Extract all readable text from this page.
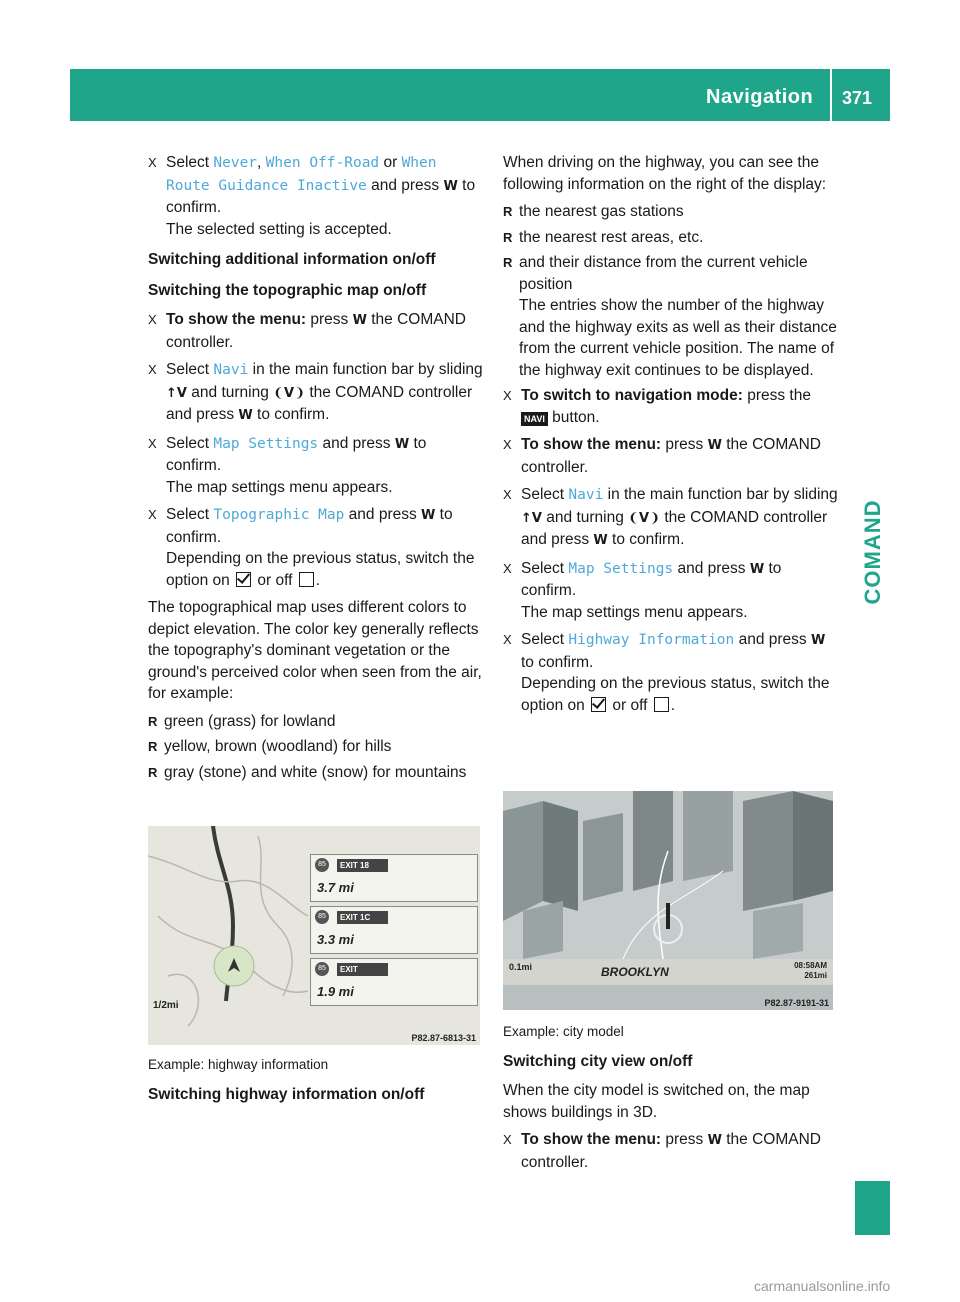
Navigation 371
COMAND
X Select Never, When Off-Road or When Route Guidance Inactive and press W to confirm.
The selected setting is accepted.

Switching additional information on/off

Switching the topographic map on/off

X To show the menu: press W the COMAND controller.
X Select Navi in the main function bar by sliding ↑V and turning ❨V❩ the COMAND controller and press W to confirm.
X Select Map Settings and press W to confirm.
The map settings menu appears.
X Select Topographic Map and press W to confirm.
Depending on the previous status, switch the option on  or off .

The topographical map uses different colors to depict elevation. The color key generally reflects the topography's dominant vegetation or the ground's perceived color when seen from the air, for example:

R green (grass) for lowland
R yellow, brown (woodland) for hills
R gray (stone) and white (snow) for mountains
85	EXIT 18
3.7 mi
85	EXIT 1C
3.3 mi
85	EXIT
1.9 mi
1/2mi
P82.87-6813-31

Example: highway information

Switching highway information on/off

When driving on the highway, you can see the following information on the right of the display:

R the nearest gas stations
R the nearest rest areas, etc.
R and their distance from the current vehicle position
The entries show the number of the highway and the highway exits as well as their distance from the current vehicle position. The name of the highway exit continues to be displayed.
X To switch to navigation mode: press the NAVI button.
X To show the menu: press W the COMAND controller.
X Select Navi in the main function bar by sliding ↑V and turning ❨V❩ the COMAND controller and press W to confirm.
X Select Map Settings and press W to confirm.
The map settings menu appears.
X Select Highway Information and press W to confirm.
Depending on the previous status, switch the option on  or off .
0.1mi	BROOKLYN	08:58AM
261mi
P82.87-9191-31

Example: city model

Switching city view on/off

When the city model is switched on, the map shows buildings in 3D.

X To show the menu: press W the COMAND controller.
carmanualsonline.info
